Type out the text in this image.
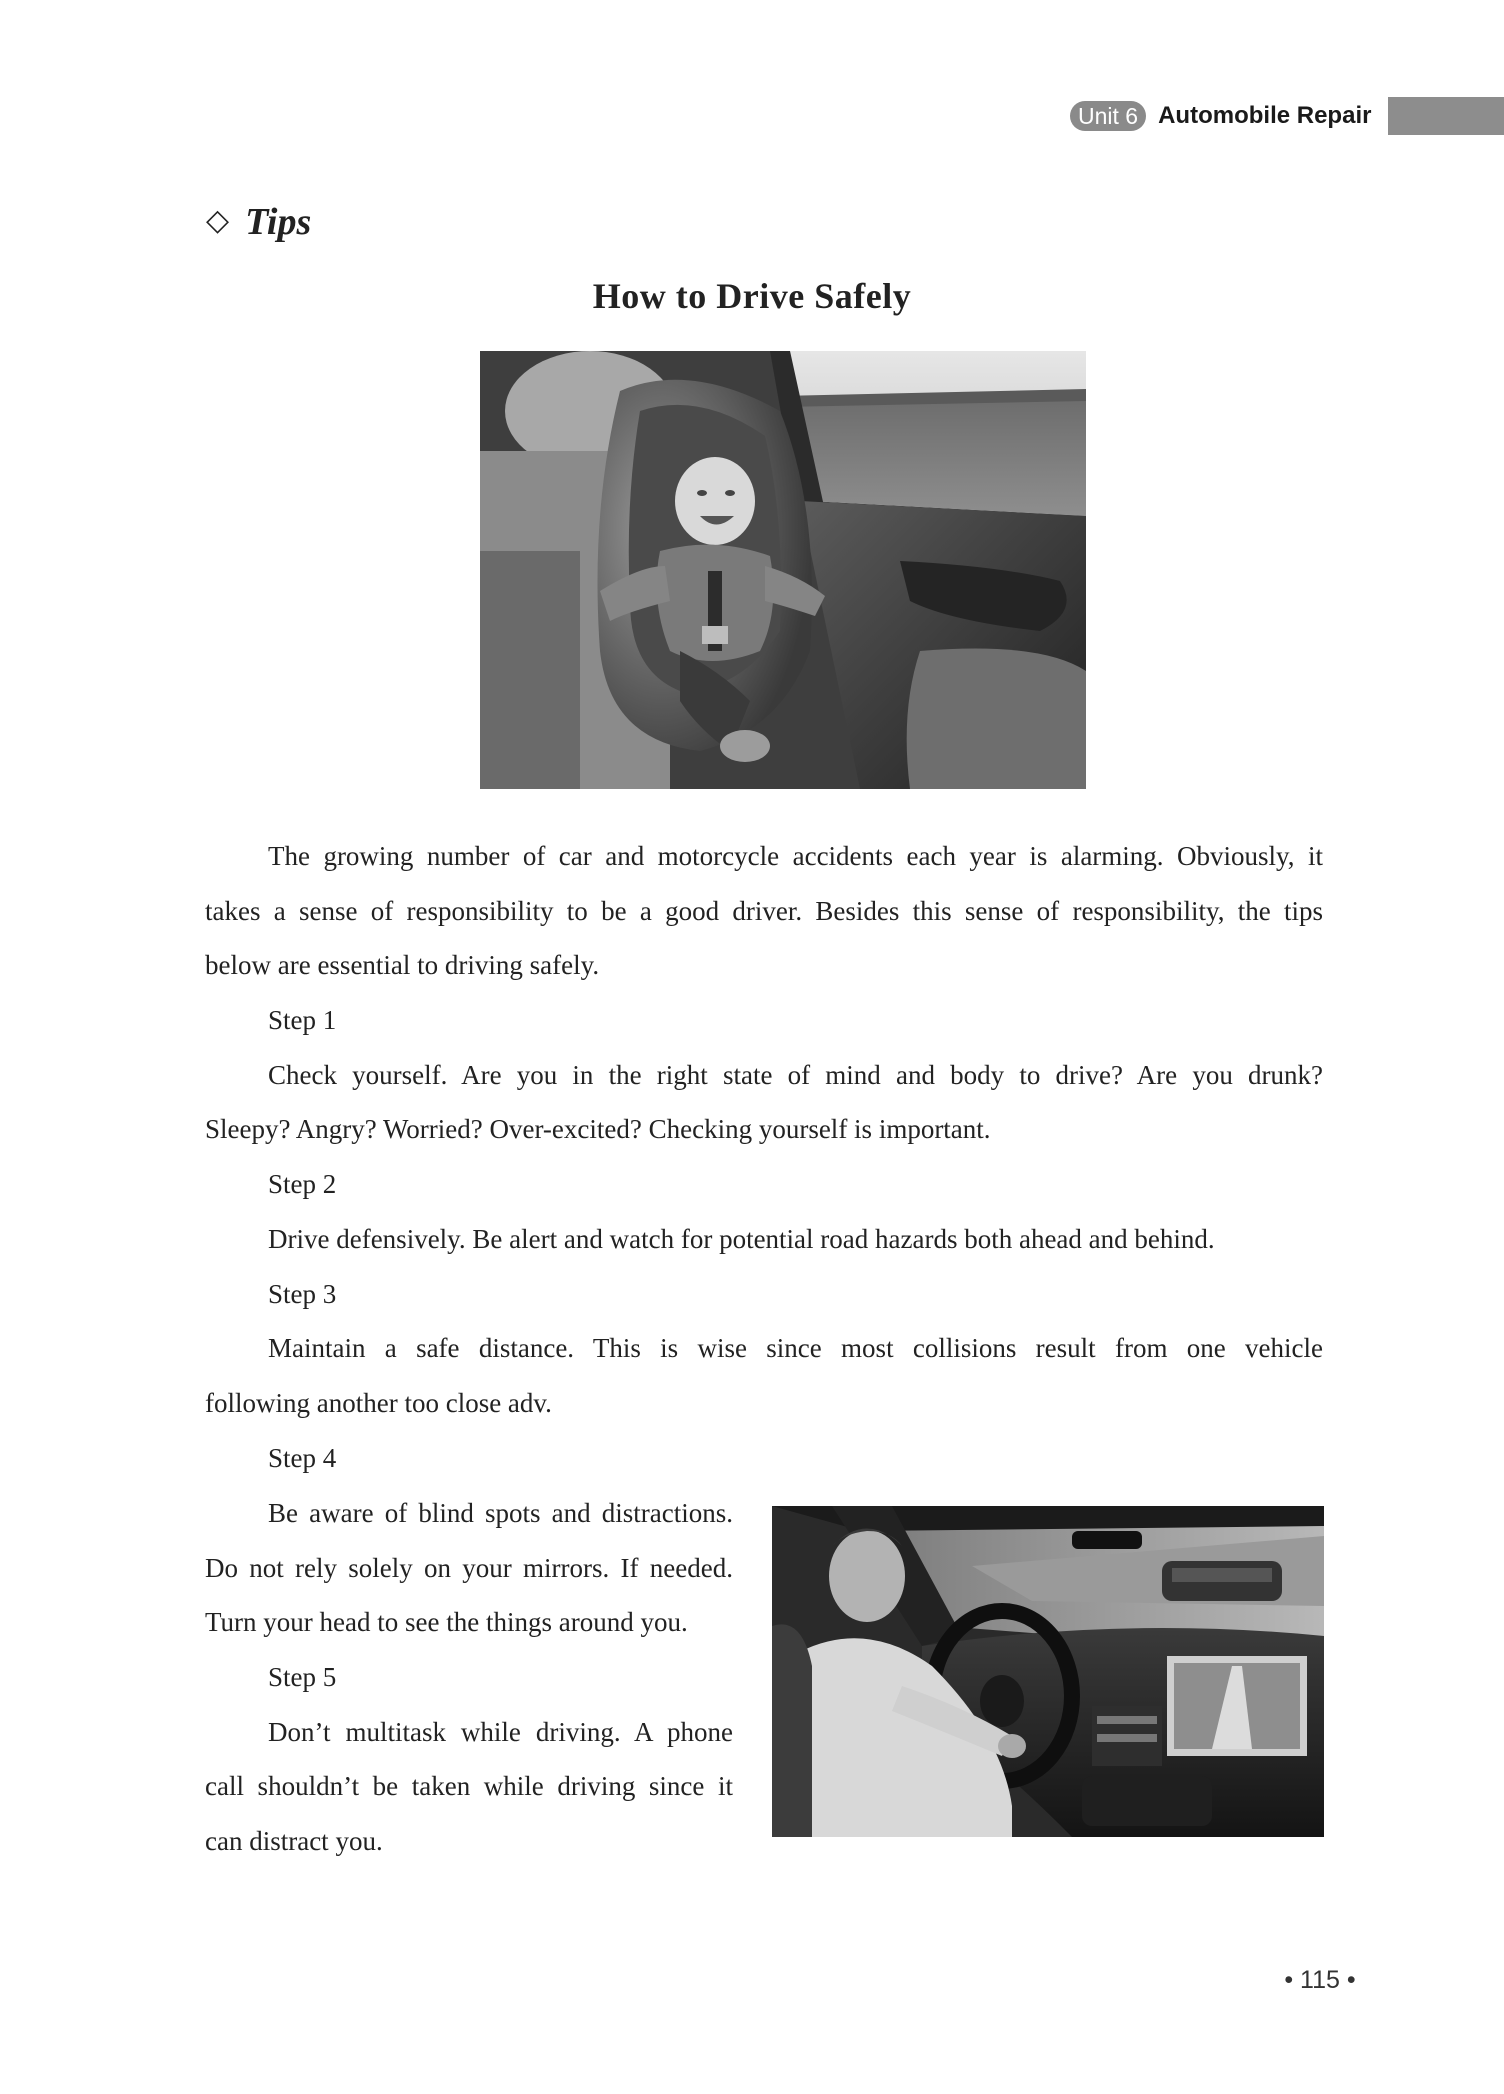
Unit 6 Automobile Repair
◇ Tips
How to Drive Safely
The growing number of car and motorcycle accidents each year is alarming. Obviously, it
takes a sense of responsibility to be a good driver. Besides this sense of responsibility, the tips
below are essential to driving safely.
Step 1
Check yourself. Are you in the right state of mind and body to drive? Are you drunk?
Sleepy? Angry? Worried? Over-excited? Checking yourself is important.
Step 2
Drive defensively. Be alert and watch for potential road hazards both ahead and behind.
Step 3
Maintain a safe distance. This is wise since most collisions result from one vehicle
following another too close adv.
Step 4
Be aware of blind spots and distractions.
Do not rely solely on your mirrors. If needed.
Turn your head to see the things around you.
Step 5
Don’t multitask while driving. A phone
call shouldn’t be taken while driving since it
can distract you.
• 115 •
